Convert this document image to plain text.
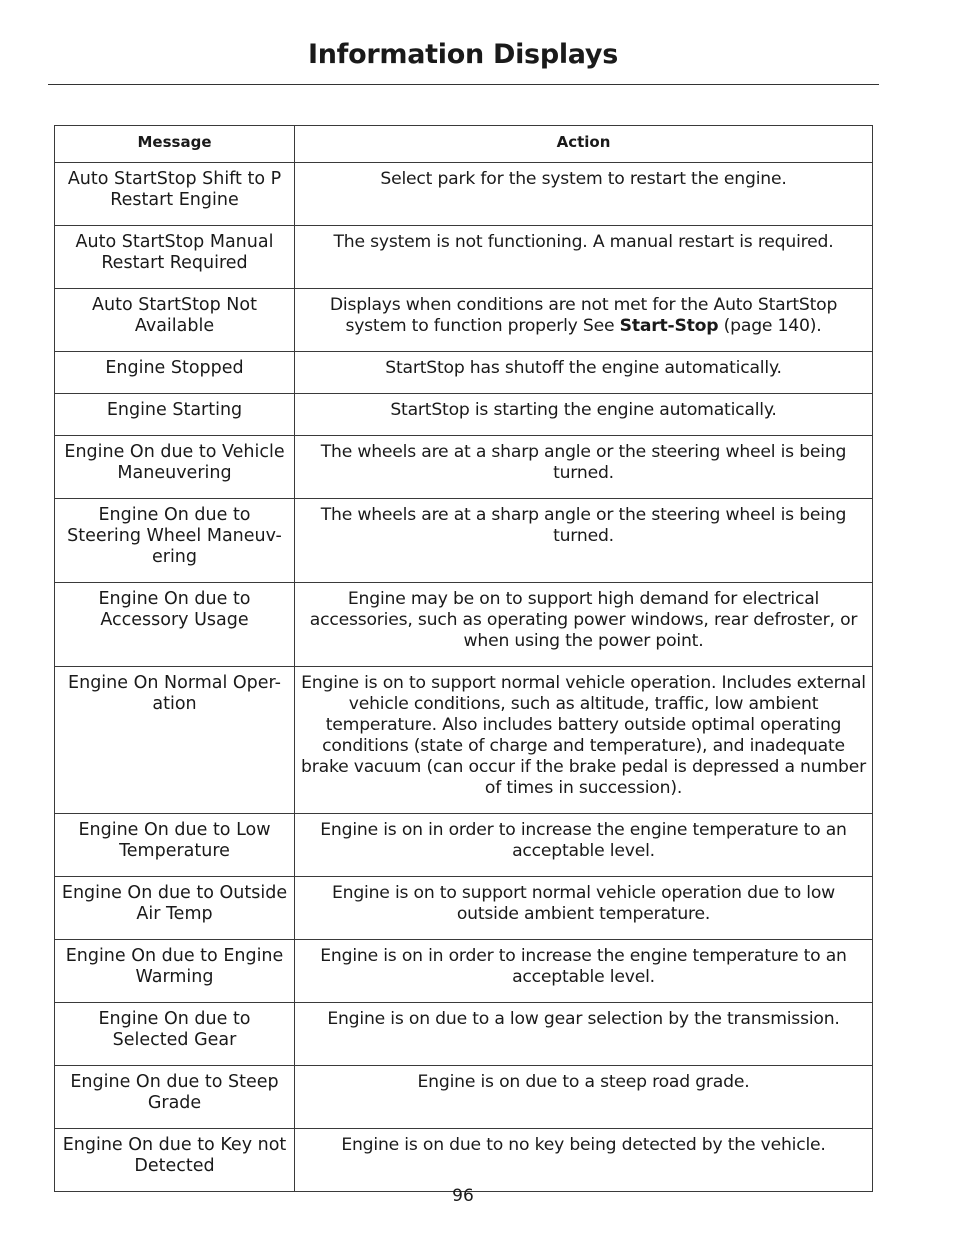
Information Displays
Message	Action
Auto StartStop Shift to P Restart Engine	Select park for the system to restart the engine.
Auto StartStop Manual Restart Required	The system is not functioning. A manual restart is required.
Auto StartStop Not Available	Displays when conditions are not met for the Auto StartStop system to function properly See Start-Stop (page 140).
Engine Stopped	StartStop has shutoff the engine automatically.
Engine Starting	StartStop is starting the engine automatically.
Engine On due to Vehicle Maneuvering	The wheels are at a sharp angle or the steering wheel is being turned.
Engine On due to Steering Wheel Maneuv-ering	The wheels are at a sharp angle or the steering wheel is being turned.
Engine On due to Accessory Usage	Engine may be on to support high demand for electrical accessories, such as operating power windows, rear defroster, or when using the power point.
Engine On Normal Oper-ation	Engine is on to support normal vehicle operation. Includes external vehicle conditions, such as altitude, traffic, low ambient temperature. Also includes battery outside optimal operating conditions (state of charge and temperature), and inadequate brake vacuum (can occur if the brake pedal is depressed a number of times in succession).
Engine On due to Low Temperature	Engine is on in order to increase the engine temperature to an acceptable level.
Engine On due to Outside Air Temp	Engine is on to support normal vehicle operation due to low outside ambient temperature.
Engine On due to Engine Warming	Engine is on in order to increase the engine temperature to an acceptable level.
Engine On due to Selected Gear	Engine is on due to a low gear selection by the transmission.
Engine On due to Steep Grade	Engine is on due to a steep road grade.
Engine On due to Key not Detected	Engine is on due to no key being detected by the vehicle.
96
